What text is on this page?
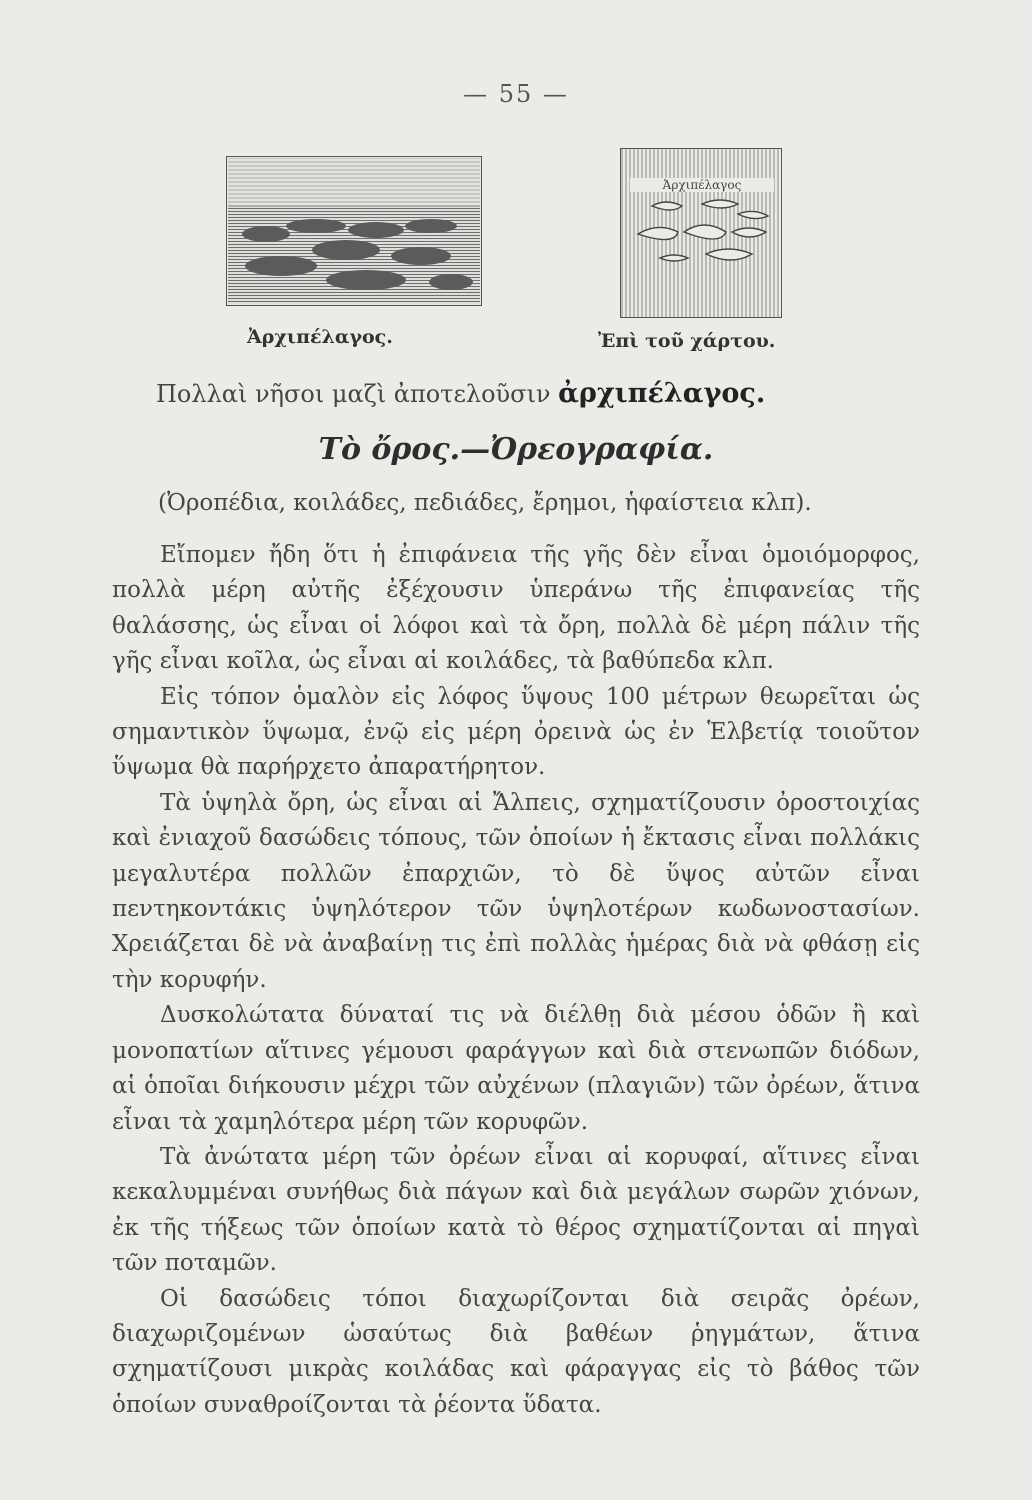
— 55 —
Ἀρχιπέλαγος
Ἀρχιπέλαγος.	Ἐπὶ τοῦ χάρτου.
Πολλαὶ νῆσοι μαζὶ ἀποτελοῦσιν ἀρχιπέλαγος.
Τὸ ὄρος.—Ὀρεογραφία.
(Ὀροπέδια, κοιλάδες, πεδιάδες, ἔρημοι, ἡφαίστεια κλπ).

Εἴπομεν ἤδη ὅτι ἡ ἐπιφάνεια τῆς γῆς δὲν εἶναι ὁμοιόμορφος, πολλὰ μέρη αὐτῆς ἐξέχουσιν ὑπεράνω τῆς ἐπιφανείας τῆς θαλάσσης, ὡς εἶναι οἱ λόφοι καὶ τὰ ὄρη, πολλὰ δὲ μέρη πάλιν τῆς γῆς εἶναι κοῖλα, ὡς εἶναι αἱ κοιλάδες, τὰ βαθύπεδα κλπ.

Εἰς τόπον ὁμαλὸν εἰς λόφος ὕψους 100 μέτρων θεωρεῖται ὡς σημαντικὸν ὕψωμα, ἐνῷ εἰς μέρη ὀρεινὰ ὡς ἐν Ἑλβετίᾳ τοιοῦτον ὕψωμα θὰ παρήρχετο ἀπαρατήρητον.

Τὰ ὑψηλὰ ὄρη, ὡς εἶναι αἱ Ἄλπεις, σχηματίζουσιν ὀροστοιχίας καὶ ἐνιαχοῦ δασώδεις τόπους, τῶν ὁποίων ἡ ἔκτασις εἶναι πολλάκις μεγαλυτέρα πολλῶν ἐπαρχιῶν, τὸ δὲ ὕψος αὐτῶν εἶναι πεντηκοντάκις ὑψηλότερον τῶν ὑψηλοτέρων κωδωνοστασίων. Χρειάζεται δὲ νὰ ἀναβαίνῃ τις ἐπὶ πολλὰς ἡμέρας διὰ νὰ φθάσῃ εἰς τὴν κορυφήν.

Δυσκολώτατα δύναταί τις νὰ διέλθῃ διὰ μέσου ὁδῶν ἢ καὶ μονοπατίων αἵτινες γέμουσι φαράγγων καὶ διὰ στενωπῶν διόδων, αἱ ὁποῖαι διήκουσιν μέχρι τῶν αὐχένων (πλαγιῶν) τῶν ὀρέων, ἅτινα εἶναι τὰ χαμηλότερα μέρη τῶν κορυφῶν.

Τὰ ἀνώτατα μέρη τῶν ὀρέων εἶναι αἱ κορυφαί, αἵτινες εἶναι κεκαλυμμέναι συνήθως διὰ πάγων καὶ διὰ μεγάλων σωρῶν χιόνων, ἐκ τῆς τήξεως τῶν ὁποίων κατὰ τὸ θέρος σχηματίζονται αἱ πηγαὶ τῶν ποταμῶν.

Οἱ δασώδεις τόποι διαχωρίζονται διὰ σειρᾶς ὀρέων, διαχωριζομένων ὡσαύτως διὰ βαθέων ῥηγμάτων, ἅτινα σχηματίζουσι μικρὰς κοιλάδας καὶ φάραγγας εἰς τὸ βάθος τῶν ὁποίων συναθροίζονται τὰ ῥέοντα ὕδατα.
